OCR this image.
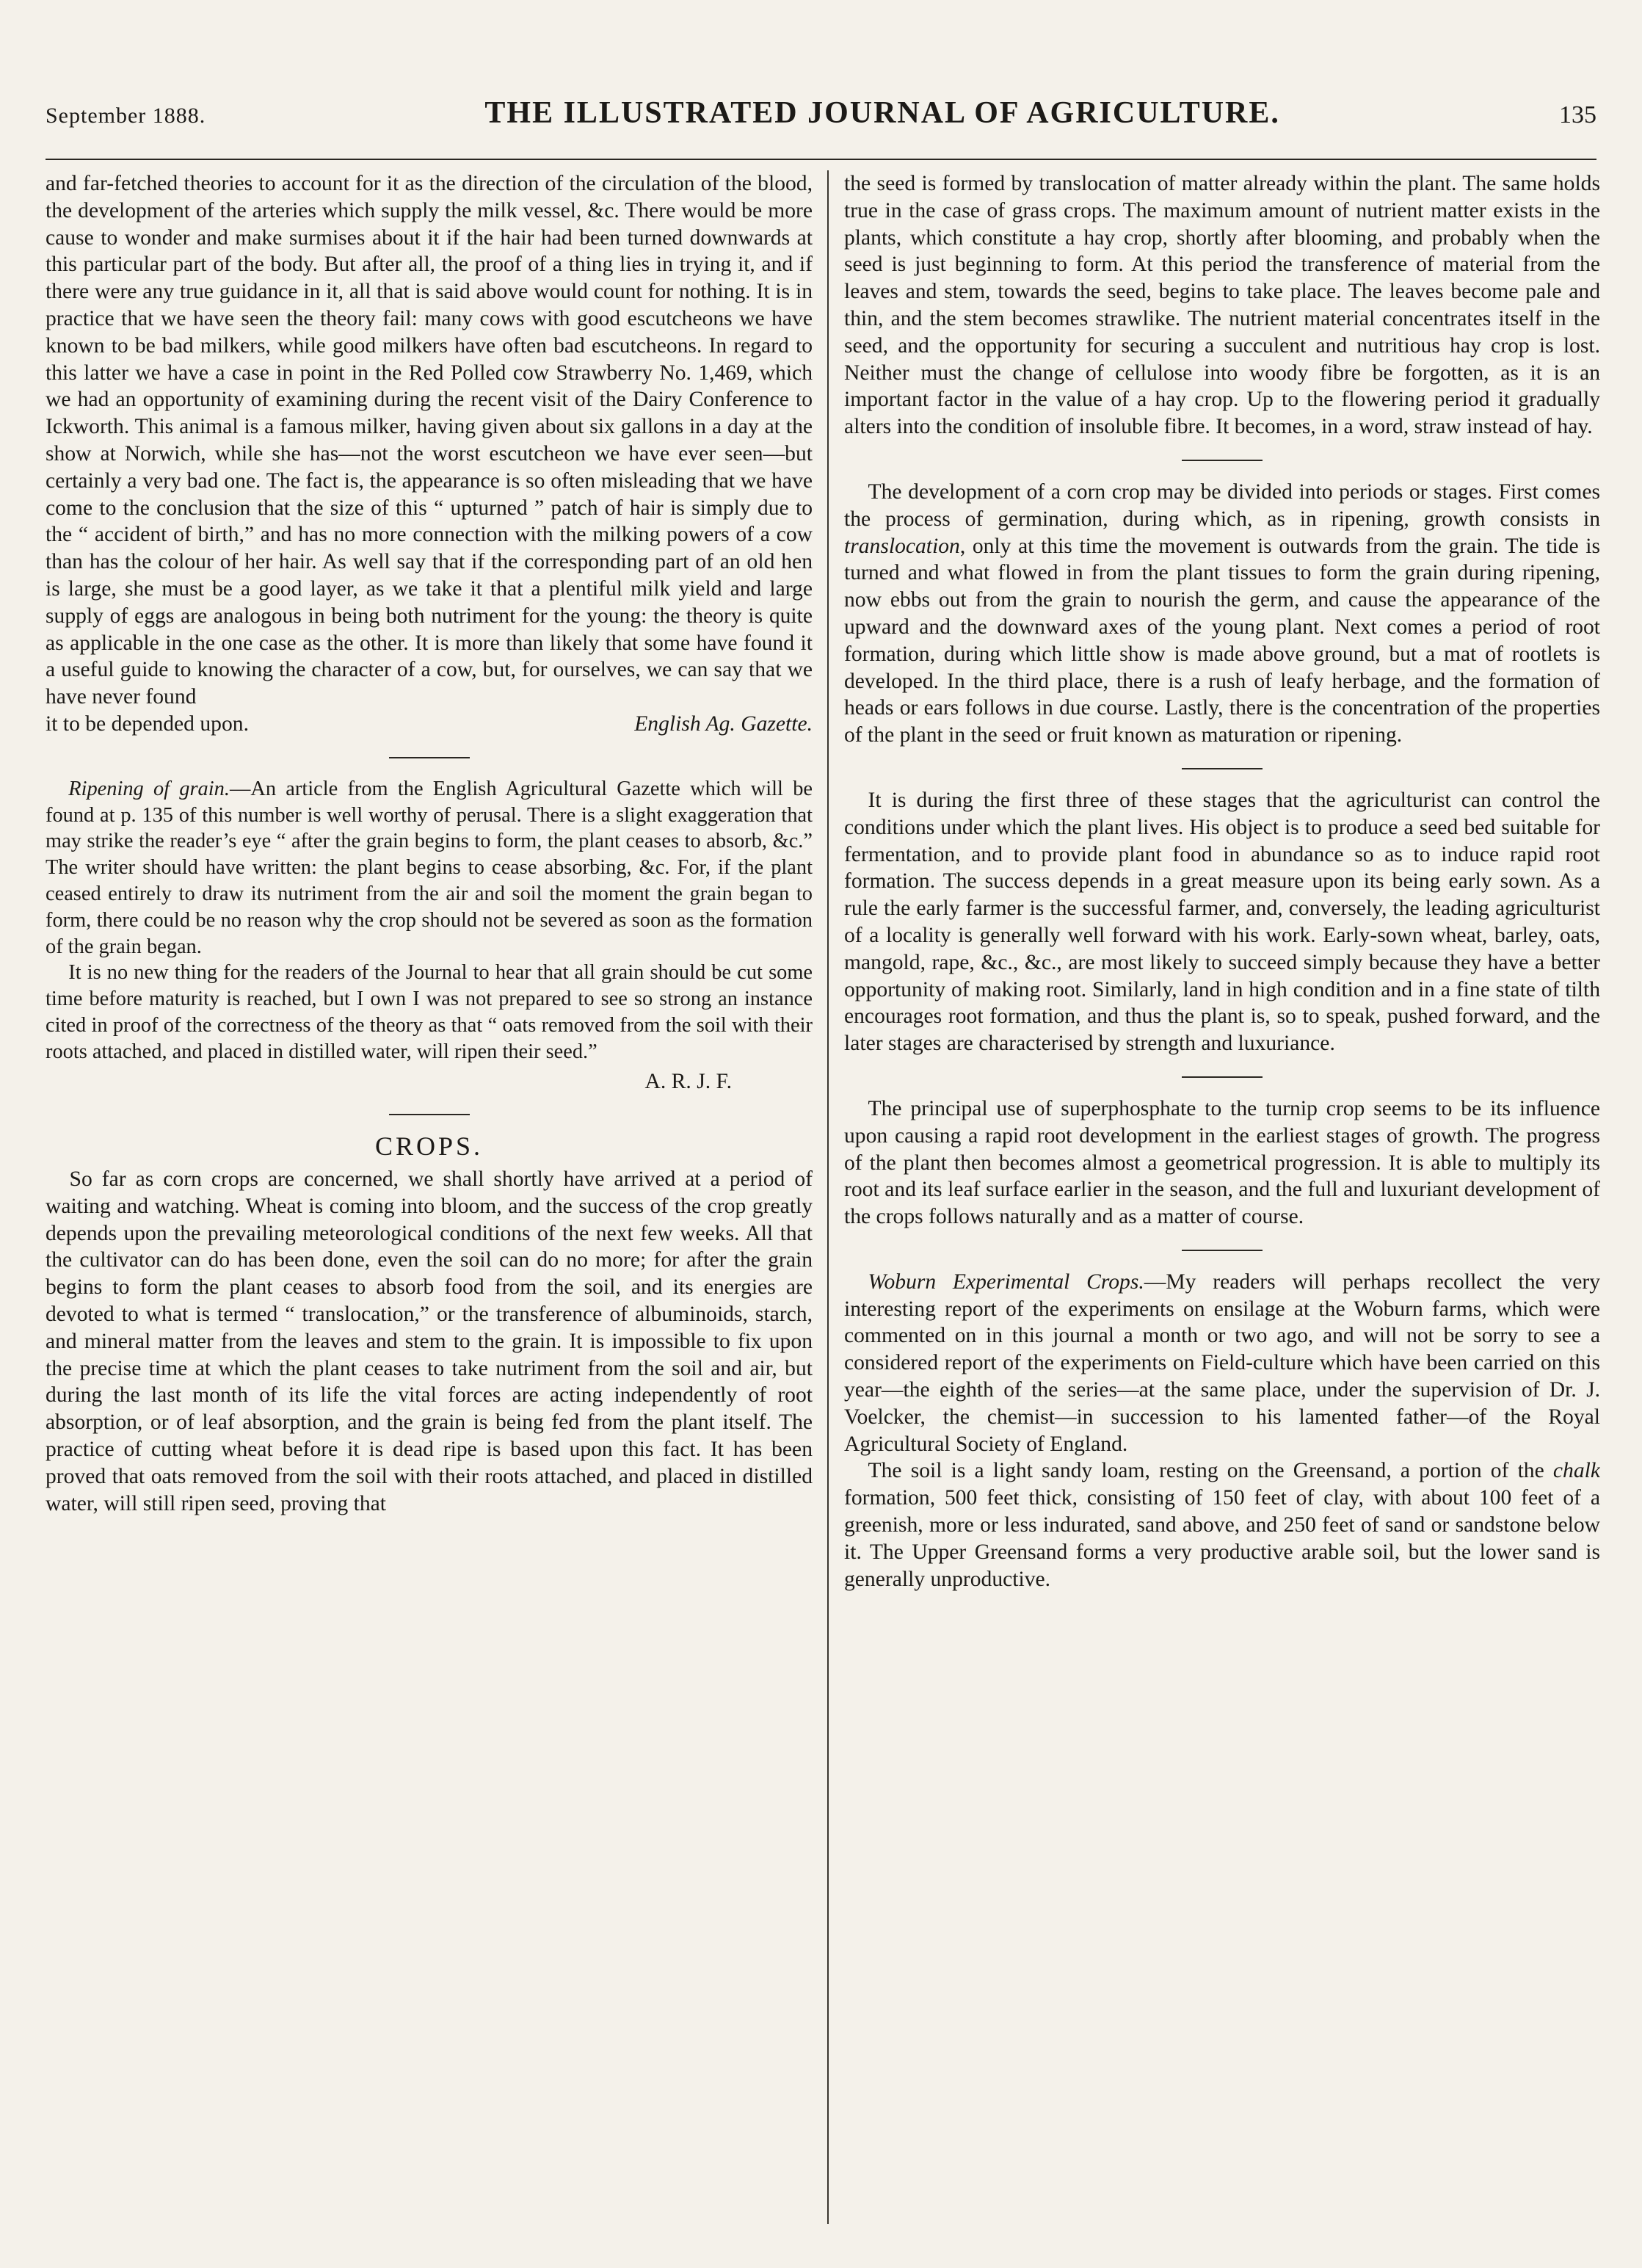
September 1888.	THE ILLUSTRATED JOURNAL OF AGRICULTURE.	135

and far-fetched theories to account for it as the direction of the circulation of the blood, the development of the arteries which supply the milk vessel, &c. There would be more cause to wonder and make surmises about it if the hair had been turned downwards at this particular part of the body. But after all, the proof of a thing lies in trying it, and if there were any true guidance in it, all that is said above would count for nothing. It is in practice that we have seen the theory fail: many cows with good escutcheons we have known to be bad milkers, while good milkers have often bad escutcheons. In regard to this latter we have a case in point in the Red Polled cow Strawberry No. 1,469, which we had an opportunity of examining during the recent visit of the Dairy Conference to Ickworth. This animal is a famous milker, having given about six gallons in a day at the show at Norwich, while she has—not the worst escutcheon we have ever seen—but certainly a very bad one. The fact is, the appearance is so often misleading that we have come to the conclusion that the size of this “ upturned ” patch of hair is simply due to the “ accident of birth,” and has no more connection with the milking powers of a cow than has the colour of her hair. As well say that if the corresponding part of an old hen is large, she must be a good layer, as we take it that a plentiful milk yield and large supply of eggs are analogous in being both nutriment for the young: the theory is quite as applicable in the one case as the other. It is more than likely that some have found it a useful guide to knowing the character of a cow, but, for ourselves, we can say that we have never found

it to be depended upon.	English Ag. Gazette.

Ripening of grain.—An article from the English Agricultural Gazette which will be found at p. 135 of this number is well worthy of perusal. There is a slight exaggeration that may strike the reader’s eye “ after the grain begins to form, the plant ceases to absorb, &c.” The writer should have written: the plant begins to cease absorbing, &c. For, if the plant ceased entirely to draw its nutriment from the air and soil the moment the grain began to form, there could be no reason why the crop should not be severed as soon as the formation of the grain began.

It is no new thing for the readers of the Journal to hear that all grain should be cut some time before maturity is reached, but I own I was not prepared to see so strong an instance cited in proof of the correctness of the theory as that “ oats removed from the soil with their roots attached, and placed in distilled water, will ripen their seed.”

A. R. J. F.
CROPS.

So far as corn crops are concerned, we shall shortly have arrived at a period of waiting and watching. Wheat is coming into bloom, and the success of the crop greatly depends upon the prevailing meteorological conditions of the next few weeks. All that the cultivator can do has been done, even the soil can do no more; for after the grain begins to form the plant ceases to absorb food from the soil, and its energies are devoted to what is termed “ translocation,” or the transference of albuminoids, starch, and mineral matter from the leaves and stem to the grain. It is impossible to fix upon the precise time at which the plant ceases to take nutriment from the soil and air, but during the last month of its life the vital forces are acting independently of root absorption, or of leaf absorption, and the grain is being fed from the plant itself. The practice of cutting wheat before it is dead ripe is based upon this fact. It has been proved that oats removed from the soil with their roots attached, and placed in distilled water, will still ripen seed, proving that

the seed is formed by translocation of matter already within the plant. The same holds true in the case of grass crops. The maximum amount of nutrient matter exists in the plants, which constitute a hay crop, shortly after blooming, and probably when the seed is just beginning to form. At this period the transference of material from the leaves and stem, towards the seed, begins to take place. The leaves become pale and thin, and the stem becomes strawlike. The nutrient material concentrates itself in the seed, and the opportunity for securing a succulent and nutritious hay crop is lost. Neither must the change of cellulose into woody fibre be forgotten, as it is an important factor in the value of a hay crop. Up to the flowering period it gradually alters into the condition of insoluble fibre. It becomes, in a word, straw instead of hay.

The development of a corn crop may be divided into periods or stages. First comes the process of germination, during which, as in ripening, growth consists in translocation, only at this time the movement is outwards from the grain. The tide is turned and what flowed in from the plant tissues to form the grain during ripening, now ebbs out from the grain to nourish the germ, and cause the appearance of the upward and the downward axes of the young plant. Next comes a period of root formation, during which little show is made above ground, but a mat of rootlets is developed. In the third place, there is a rush of leafy herbage, and the formation of heads or ears follows in due course. Lastly, there is the concentration of the properties of the plant in the seed or fruit known as maturation or ripening.

It is during the first three of these stages that the agriculturist can control the conditions under which the plant lives. His object is to produce a seed bed suitable for fermentation, and to provide plant food in abundance so as to induce rapid root formation. The success depends in a great measure upon its being early sown. As a rule the early farmer is the successful farmer, and, conversely, the leading agriculturist of a locality is generally well forward with his work. Early-sown wheat, barley, oats, mangold, rape, &c., &c., are most likely to succeed simply because they have a better opportunity of making root. Similarly, land in high condition and in a fine state of tilth encourages root formation, and thus the plant is, so to speak, pushed forward, and the later stages are characterised by strength and luxuriance.

The principal use of superphosphate to the turnip crop seems to be its influence upon causing a rapid root development in the earliest stages of growth. The progress of the plant then becomes almost a geometrical progression. It is able to multiply its root and its leaf surface earlier in the season, and the full and luxuriant development of the crops follows naturally and as a matter of course.

Woburn Experimental Crops.—My readers will perhaps recollect the very interesting report of the experiments on ensilage at the Woburn farms, which were commented on in this journal a month or two ago, and will not be sorry to see a considered report of the experiments on Field-culture which have been carried on this year—the eighth of the series—at the same place, under the supervision of Dr. J. Voelcker, the chemist—in succession to his lamented father—of the Royal Agricultural Society of England.

The soil is a light sandy loam, resting on the Greensand, a portion of the chalk formation, 500 feet thick, consisting of 150 feet of clay, with about 100 feet of a greenish, more or less indurated, sand above, and 250 feet of sand or sandstone below it. The Upper Greensand forms a very productive arable soil, but the lower sand is generally unproductive.
